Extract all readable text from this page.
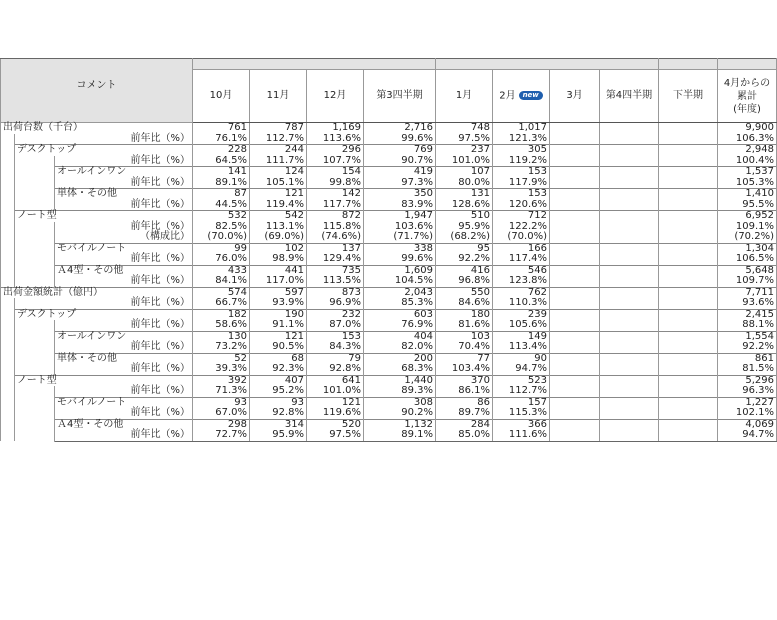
コメント												

			10月	11月	12月	第3四半期	1月	2月 new	3月	第4四半期	下半期	4月からの
累計
(年度)

出荷台数（千台）			761	787	1,169	2,716	748	1,017				9,900
	前年比（%）		76.1%	112.7%	113.6%	99.6%	97.5%	121.3%				106.3%
	デスクトップ		228	244	296	769	237	305				2,948
		前年比（%）	64.5%	111.7%	107.7%	90.7%	101.0%	119.2%				100.4%
		オールインワン	141	124	154	419	107	153				1,537
		前年比（%）	89.1%	105.1%	99.8%	97.3%	80.0%	117.9%				105.3%
		単体・その他	87	121	142	350	131	153				1,410
		前年比（%）	44.5%	119.4%	117.7%	83.9%	128.6%	120.6%				95.5%
	ノート型		532	542	872	1,947	510	712				6,952
		前年比（%）	82.5%	113.1%	115.8%	103.6%	95.9%	122.2%				109.1%
		（構成比）	(70.0%)	(69.0%)	(74.6%)	(71.7%)	(68.2%)	(70.0%)				(70.2%)
		モバイルノート	99	102	137	338	95	166				1,304
		前年比（%）	76.0%	98.9%	129.4%	99.6%	92.2%	117.4%				106.5%
		Ａ4型・その他	433	441	735	1,609	416	546				5,648
		前年比（%）	84.1%	117.0%	113.5%	104.5%	96.8%	123.8%				109.7%
出荷金額統計（億円）			574	597	873	2,043	550	762				7,711
	前年比（%）		66.7%	93.9%	96.9%	85.3%	84.6%	110.3%				93.6%
	デスクトップ		182	190	232	603	180	239				2,415
		前年比（%）	58.6%	91.1%	87.0%	76.9%	81.6%	105.6%				88.1%
		オールインワン	130	121	153	404	103	149				1,554
		前年比（%）	73.2%	90.5%	84.3%	82.0%	70.4%	113.4%				92.2%
		単体・その他	52	68	79	200	77	90				861
		前年比（%）	39.3%	92.3%	92.8%	68.3%	103.4%	94.7%				81.5%
	ノート型		392	407	641	1,440	370	523				5,296
		前年比（%）	71.3%	95.2%	101.0%	89.3%	86.1%	112.7%				96.3%
		モバイルノート	93	93	121	308	86	157				1,227
		前年比（%）	67.0%	92.8%	119.6%	90.2%	89.7%	115.3%				102.1%
		Ａ4型・その他	298	314	520	1,132	284	366				4,069
		前年比（%）	72.7%	95.9%	97.5%	89.1%	85.0%	111.6%				94.7%
